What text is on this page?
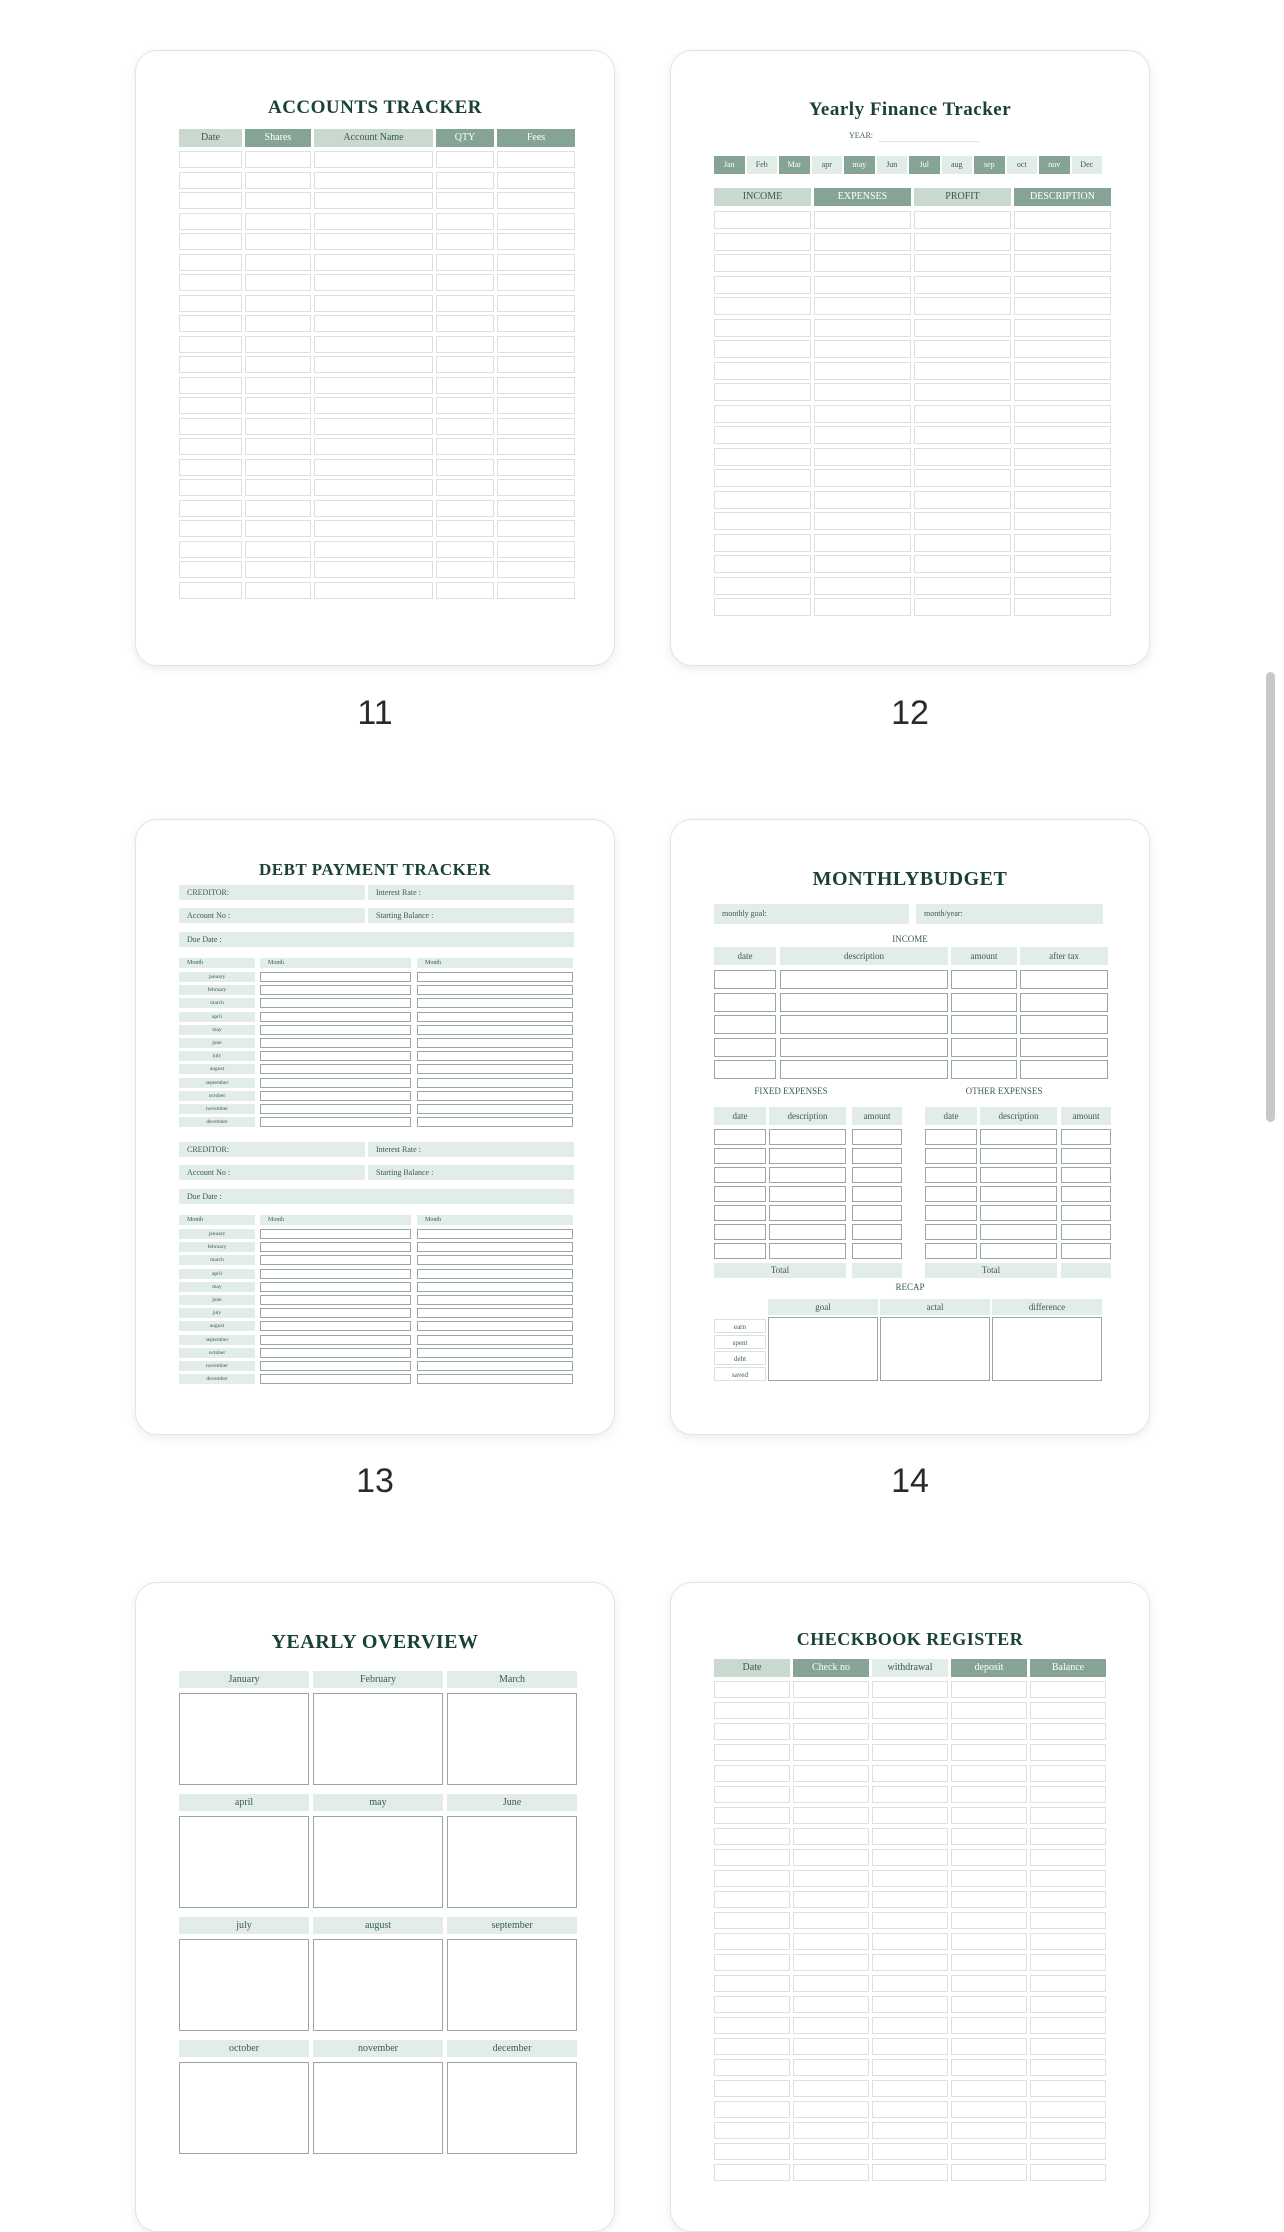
ACCOUNTS TRACKER
Date	Shares	Account Name	QTY	Fees
11
Yearly Finance Tracker
YEAR:
Jan	Feb	Mar	apr	may	Jun	Jul	aug	sep	oct	nov	Dec
INCOME	EXPENSES	PROFIT	DESCRIPTION
12
DEBT PAYMENT TRACKER
CREDITOR:	Interest Rate :
Account No :	Starting Balance :
Due Date :
Month	Month	Month
january
february
march
april
may
june
july
august
september
october
november
december
CREDITOR:	Interest Rate :
Account No :	Starting Balance :
Due Date :
Month	Month	Month
january
february
march
april
may
june
july
august
september
october
november
december
13
MONTHLYBUDGET
monthly goal:	month/year:
INCOME
date	description	amount	after tax
FIXED EXPENSES	OTHER EXPENSES
date	description	amount
Total
date	description	amount
Total
RECAP
goal	actal	difference
earn
spent
debt
saved
14
YEARLY OVERVIEW
January	February	March
april	may	June
july	august	september
october	november	december
CHECKBOOK REGISTER
Date	Check no	withdrawal	deposit	Balance
